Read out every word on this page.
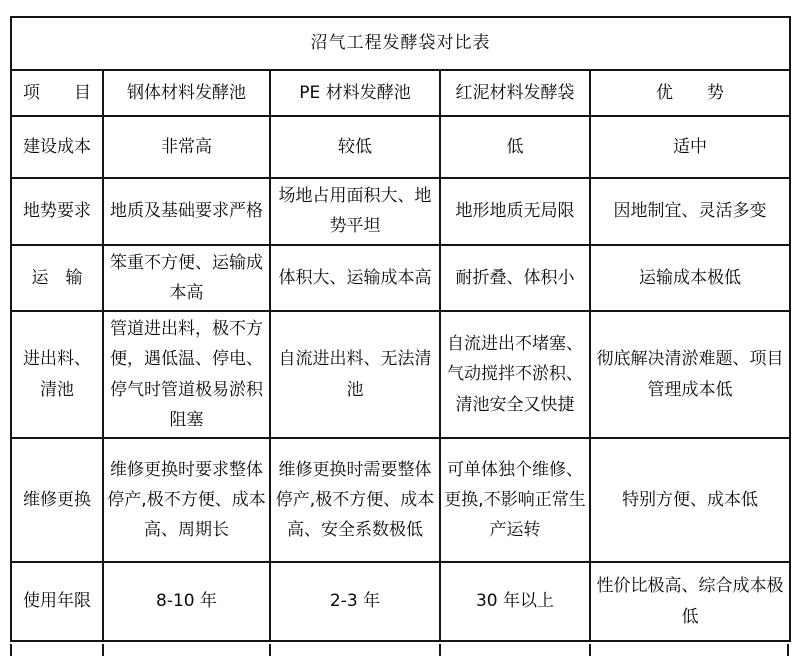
沼气工程发酵袋对比表				
项　　目	钢体材料发酵池	PE 材料发酵池	红泥材料发酵袋	优　　势
建设成本	非常高	较低	低	适中
地势要求	地质及基础要求严格	场地占用面积大、地势平坦	地形地质无局限	因地制宜、灵活多变
运　输	笨重不方便、运输成本高	体积大、运输成本高	耐折叠、体积小	运输成本极低
进出料、清池	管道进出料，极不方便，遇低温、停电、停气时管道极易淤积阻塞	自流进出料、无法清池	自流进出不堵塞、气动搅拌不淤积、清池安全又快捷	彻底解决清淤难题、项目管理成本低
维修更换	维修更换时要求整体停产,极不方便、成本高、周期长	维修更换时需要整体停产,极不方便、成本高、安全系数极低	可单体独个维修、更换,不影响正常生产运转	特别方便、成本低
使用年限	8-10 年	2-3 年	30 年以上	性价比极高、综合成本极低
